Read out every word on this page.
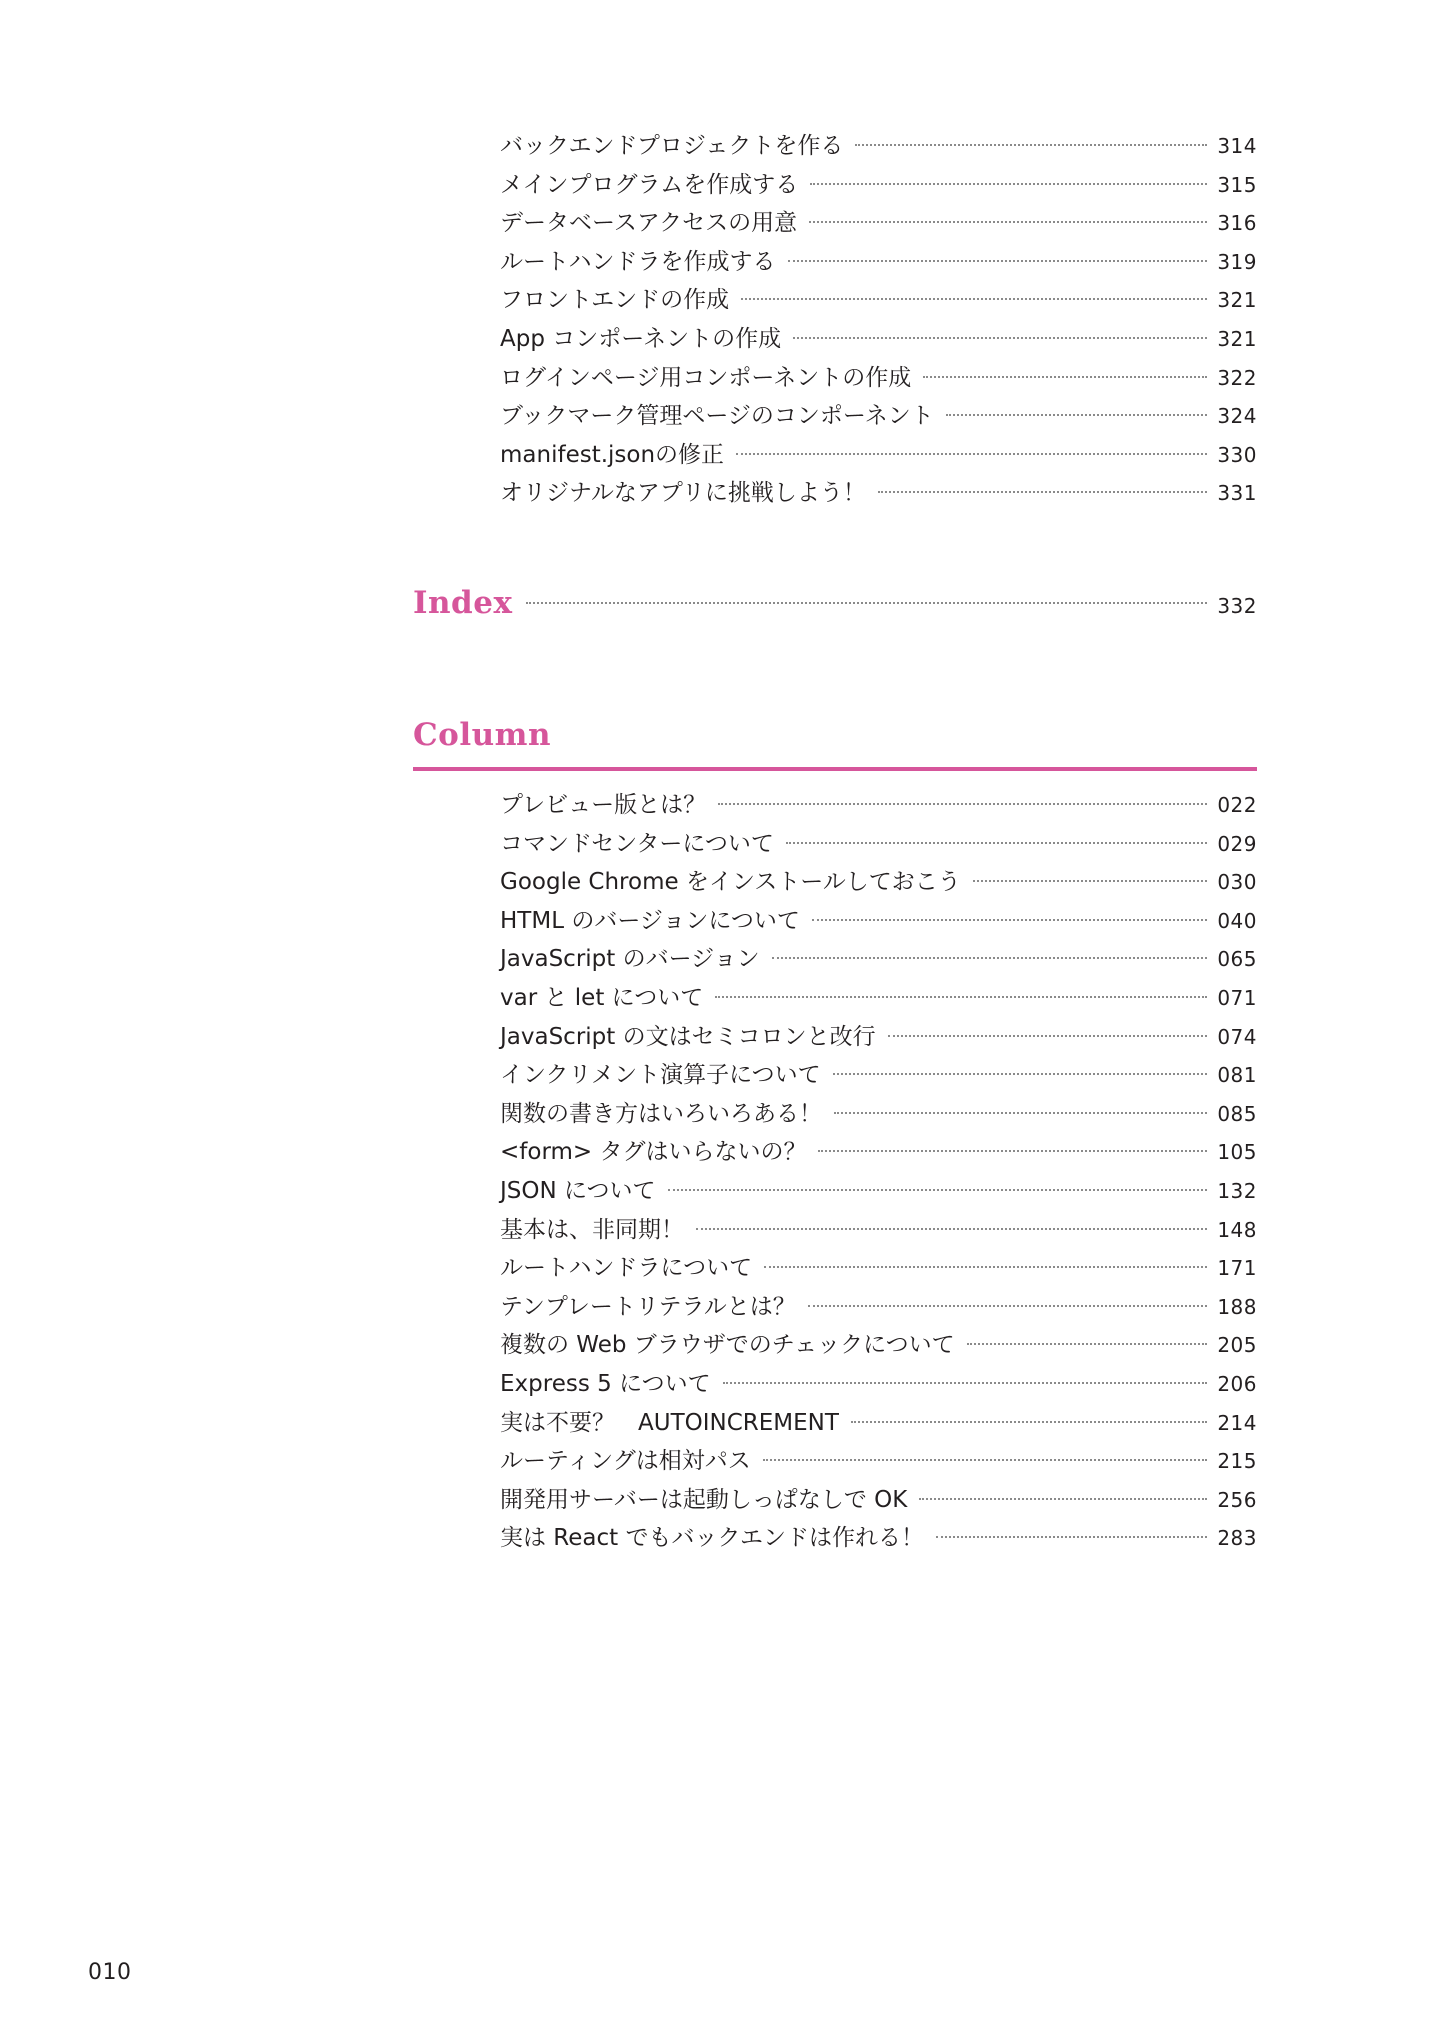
バックエンドプロジェクトを作る	314
メインプログラムを作成する	315
データベースアクセスの用意	316
ルートハンドラを作成する	319
フロントエンドの作成	321
App コンポーネントの作成	321
ログインページ用コンポーネントの作成	322
ブックマーク管理ページのコンポーネント	324
manifest.jsonの修正	330
オリジナルなアプリに挑戦しよう！	331
Index	332
Column
プレビュー版とは？	022
コマンドセンターについて	029
Google Chrome をインストールしておこう	030
HTML のバージョンについて	040
JavaScript のバージョン	065
var と let について	071
JavaScript の文はセミコロンと改行	074
インクリメント演算子について	081
関数の書き方はいろいろある！	085
<form> タグはいらないの？	105
JSON について	132
基本は、非同期！	148
ルートハンドラについて	171
テンプレートリテラルとは？	188
複数の Web ブラウザでのチェックについて	205
Express 5 について	206
実は不要？　AUTOINCREMENT	214
ルーティングは相対パス	215
開発用サーバーは起動しっぱなしで OK	256
実は React でもバックエンドは作れる！	283
010
